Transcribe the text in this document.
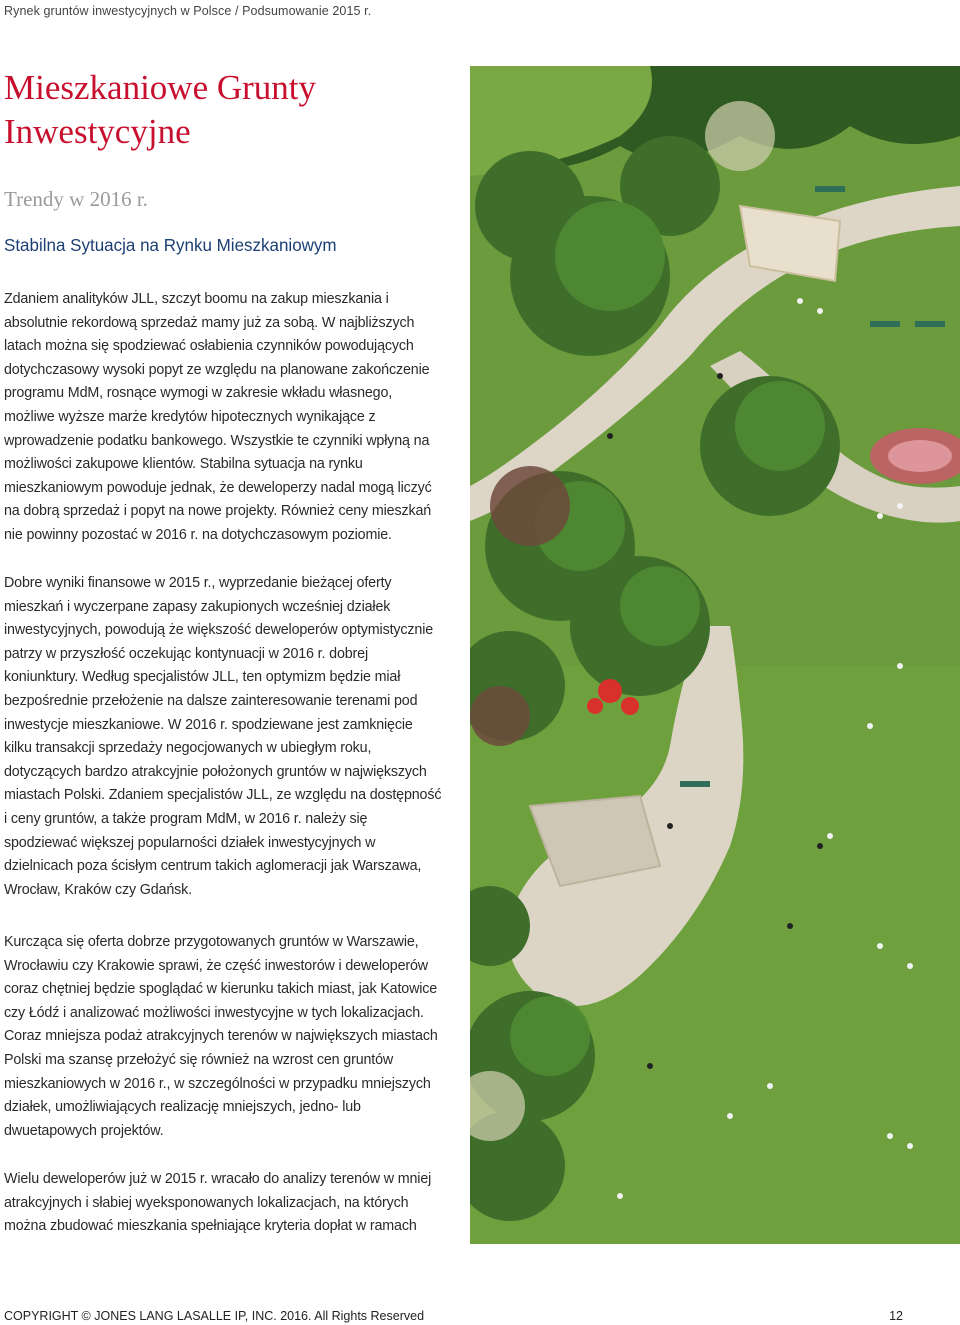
Rynek gruntów inwestycyjnych w Polsce / Podsumowanie 2015 r.
Mieszkaniowe Grunty
Inwestycyjne
Trendy w 2016 r.
Stabilna Sytuacja na Rynku Mieszkaniowym

Zdaniem analityków JLL, szczyt boomu na zakup mieszkania i absolutnie rekordową sprzedaż mamy już za sobą. W najbliższych latach można się spodziewać osłabienia czynników powodujących dotychczasowy wysoki popyt ze względu na planowane zakończenie programu MdM, rosnące wymogi w zakresie wkładu własnego, możliwe wyższe marże kredytów hipotecznych wynikające z wprowadzenie podatku bankowego. Wszystkie te czynniki wpłyną na możliwości zakupowe klientów. Stabilna sytuacja na rynku mieszkaniowym powoduje jednak, że deweloperzy nadal mogą liczyć na dobrą sprzedaż i popyt na nowe projekty. Również ceny mieszkań nie powinny pozostać w 2016 r. na dotychczasowym poziomie.

Dobre wyniki finansowe w 2015 r., wyprzedanie bieżącej oferty mieszkań i wyczerpane zapasy zakupionych wcześniej działek inwestycyjnych, powodują że większość deweloperów optymistycznie patrzy w przyszłość oczekując kontynuacji w 2016 r. dobrej koniunktury. Według specjalistów JLL, ten optymizm będzie miał bezpośrednie przełożenie na dalsze zainteresowanie terenami pod inwestycje mieszkaniowe. W 2016 r. spodziewane jest zamknięcie kilku transakcji sprzedaży negocjowanych w ubiegłym roku, dotyczących bardzo atrakcyjnie położonych gruntów w największych miastach Polski. Zdaniem specjalistów JLL, ze względu na dostępność i ceny gruntów, a także program MdM, w 2016 r. należy się spodziewać większej popularności działek inwestycyjnych w dzielnicach poza ścisłym centrum takich aglomeracji jak Warszawa, Wrocław, Kraków czy Gdańsk.

Kurcząca się oferta dobrze przygotowanych gruntów w Warszawie, Wrocławiu czy Krakowie sprawi, że część inwestorów i deweloperów coraz chętniej będzie spoglądać w kierunku takich miast, jak Katowice czy Łódź i analizować możliwości inwestycyjne w tych lokalizacjach. Coraz mniejsza podaż atrakcyjnych terenów w największych miastach Polski ma szansę przełożyć się również na wzrost cen gruntów mieszkaniowych w 2016 r., w szczególności w przypadku mniejszych działek, umożliwiających realizację mniejszych, jedno- lub dwuetapowych projektów.

Wielu deweloperów już w 2015 r. wracało do analizy terenów w mniej atrakcyjnych i słabiej wyeksponowanych lokalizacjach, na których można zbudować mieszkania spełniające kryteria dopłat w ramach

COPYRIGHT © JONES LANG LASALLE IP, INC. 2016. All Rights Reserved	12
